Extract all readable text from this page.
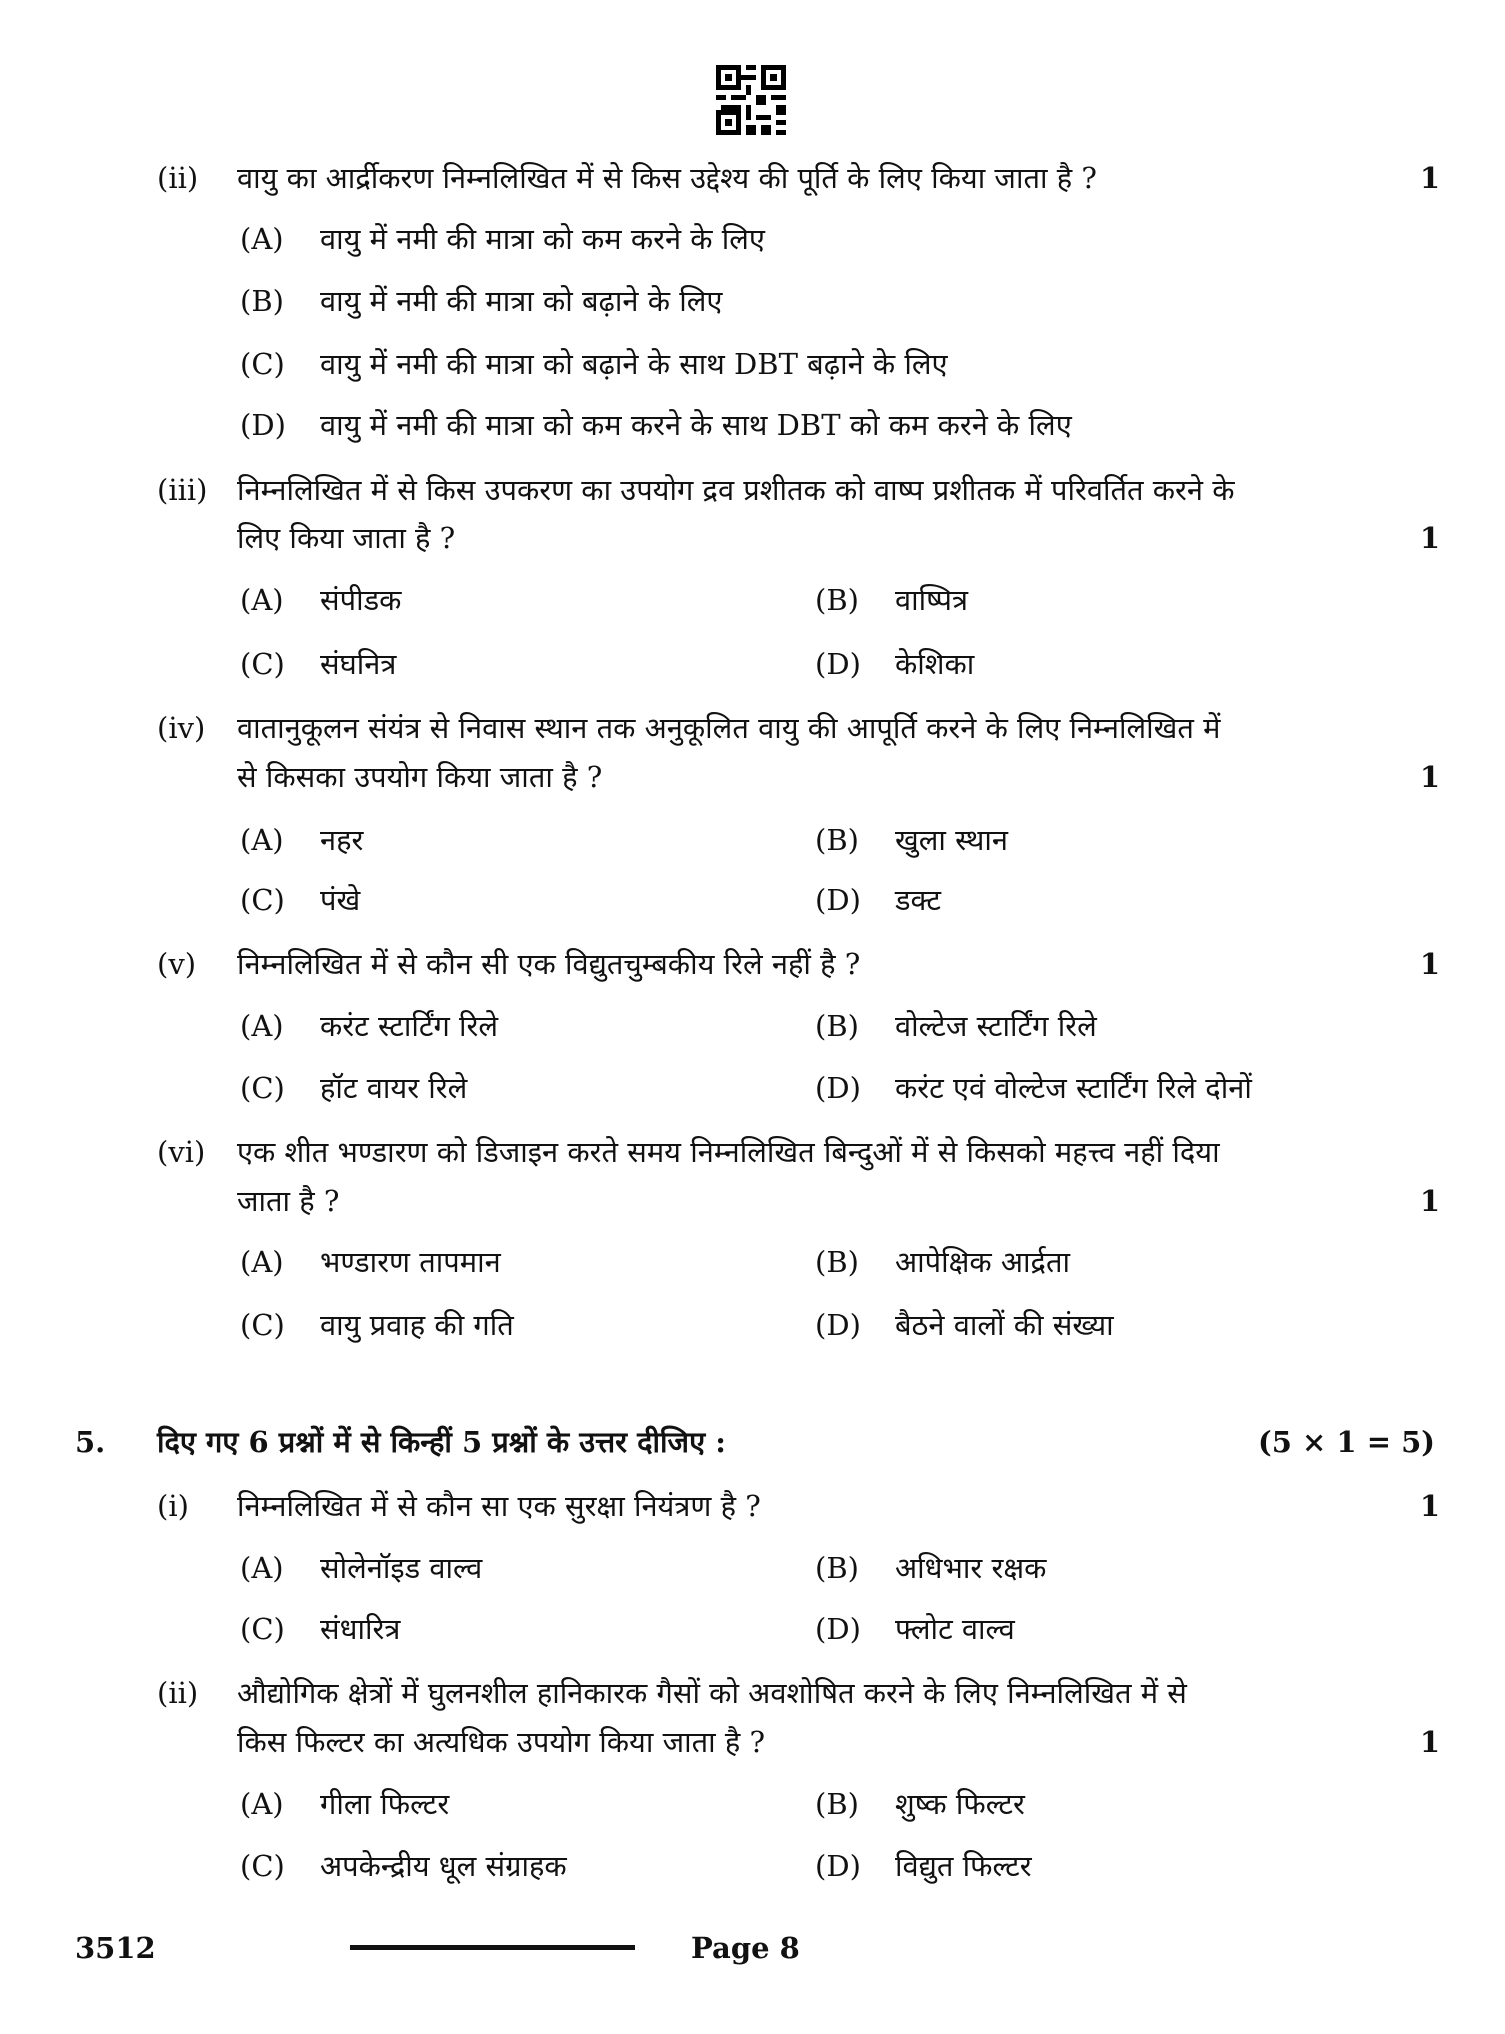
(ii) वायु का आर्द्रीकरण निम्नलिखित में से किस उद्देश्य की पूर्ति के लिए किया जाता है ?	1
(A) वायु में नमी की मात्रा को कम करने के लिए
(B) वायु में नमी की मात्रा को बढ़ाने के लिए
(C) वायु में नमी की मात्रा को बढ़ाने के साथ DBT बढ़ाने के लिए
(D) वायु में नमी की मात्रा को कम करने के साथ DBT को कम करने के लिए
(iii) निम्नलिखित में से किस उपकरण का उपयोग द्रव प्रशीतक को वाष्प प्रशीतक में परिवर्तित करने के
लिए किया जाता है ?	1
(A) संपीडक	(B) वाष्पित्र
(C) संघनित्र	(D) केशिका
(iv) वातानुकूलन संयंत्र से निवास स्थान तक अनुकूलित वायु की आपूर्ति करने के लिए निम्नलिखित में
से किसका उपयोग किया जाता है ?	1
(A) नहर	(B) खुला स्थान
(C) पंखे	(D) डक्ट
(v) निम्नलिखित में से कौन सी एक विद्युतचुम्बकीय रिले नहीं है ?	1
(A) करंट स्टार्टिंग रिले	(B) वोल्टेज स्टार्टिंग रिले
(C) हॉट वायर रिले	(D) करंट एवं वोल्टेज स्टार्टिंग रिले दोनों
(vi) एक शीत भण्डारण को डिजाइन करते समय निम्नलिखित बिन्दुओं में से किसको महत्त्व नहीं दिया
जाता है ?	1
(A) भण्डारण तापमान	(B) आपेक्षिक आर्द्रता
(C) वायु प्रवाह की गति	(D) बैठने वालों की संख्या
5. दिए गए 6 प्रश्नों में से किन्हीं 5 प्रश्नों के उत्तर दीजिए :	(5 × 1 = 5)
(i) निम्नलिखित में से कौन सा एक सुरक्षा नियंत्रण है ?	1
(A) सोलेनॉइड वाल्व	(B) अधिभार रक्षक
(C) संधारित्र	(D) फ्लोट वाल्व
(ii) औद्योगिक क्षेत्रों में घुलनशील हानिकारक गैसों को अवशोषित करने के लिए निम्नलिखित में से
किस फिल्टर का अत्यधिक उपयोग किया जाता है ?	1
(A) गीला फिल्टर	(B) शुष्क फिल्टर
(C) अपकेन्द्रीय धूल संग्राहक	(D) विद्युत फिल्टर
3512	Page 8
